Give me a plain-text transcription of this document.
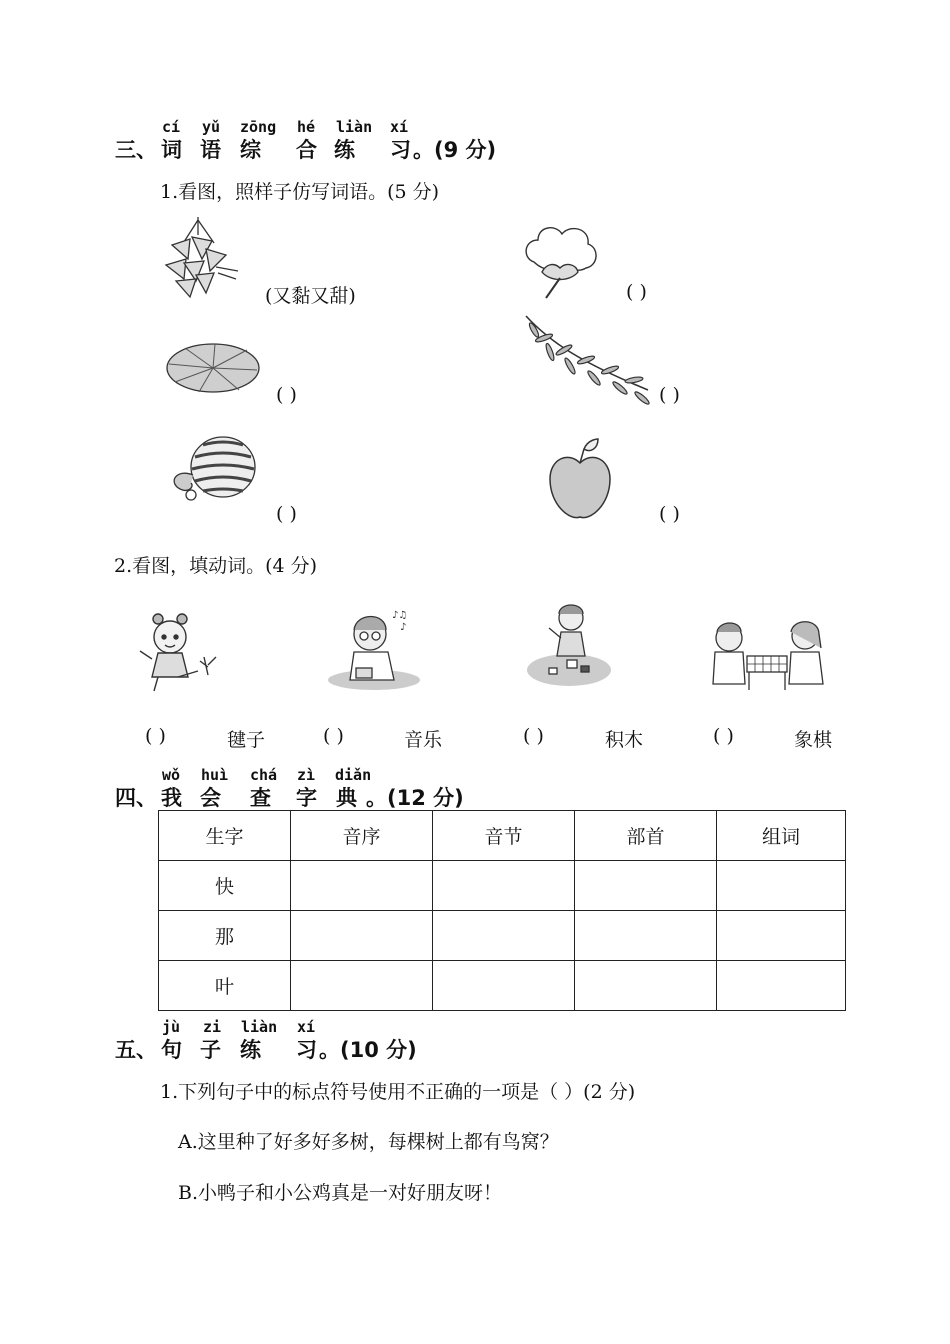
cí yǔ zōng hé liàn xí
三、 词 语 综 合 练 习 。(9 分)
1.看图，照样子仿写词语。(5 分)
(又黏又甜)	( )
( )	( )
( )	( )
2.看图，填动词。(4 分)
♪♫
♪
( )	毽子	( )	音乐	( )	积木	( )	象棋
wǒ huì chá zì diǎn
四、 我 会 查 字 典 。(12 分)
生字	音序	音节	部首	组词
快				
那				
叶				
jù zi liàn xí
五、 句 子 练 习 。(10 分)
1.下列句子中的标点符号使用不正确的一项是（ ）(2 分)
A.这里种了好多好多树，每棵树上都有鸟窝？
B.小鸭子和小公鸡真是一对好朋友呀！
